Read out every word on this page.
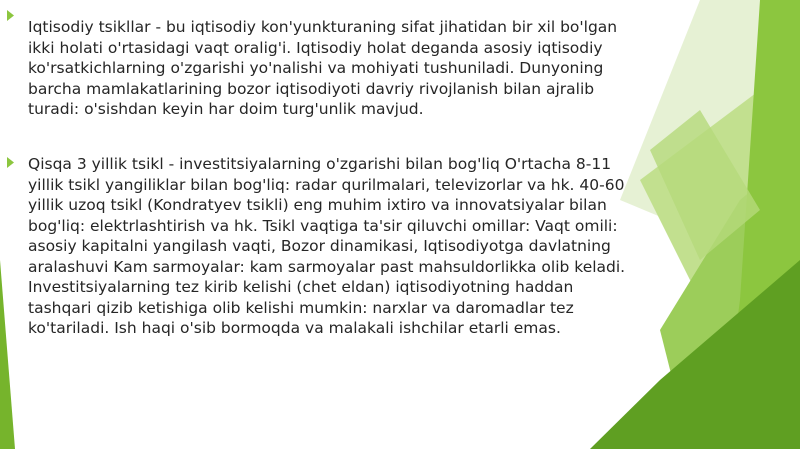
Iqtisodiy tsikllar - bu iqtisodiy kon'yunkturaning sifat jihatidan bir xil bo'lgan
ikki holati o'rtasidagi vaqt oralig'i. Iqtisodiy holat deganda asosiy iqtisodiy
ko'rsatkichlarning o'zgarishi yo'nalishi va mohiyati tushuniladi. Dunyoning
barcha mamlakatlarining bozor iqtisodiyoti davriy rivojlanish bilan ajralib
turadi: o'sishdan keyin har doim turg'unlik mavjud.

Qisqa 3 yillik tsikl - investitsiyalarning o'zgarishi bilan bog'liq O'rtacha 8-11
yillik tsikl yangiliklar bilan bog'liq: radar qurilmalari, televizorlar va hk. 40-60
yillik uzoq tsikl (Kondratyev tsikli) eng muhim ixtiro va innovatsiyalar bilan
bog'liq: elektrlashtirish va hk. Tsikl vaqtiga ta'sir qiluvchi omillar: Vaqt omili:
asosiy kapitalni yangilash vaqti, Bozor dinamikasi, Iqtisodiyotga davlatning
aralashuvi Kam sarmoyalar: kam sarmoyalar past mahsuldorlikka olib keladi.
Investitsiyalarning tez kirib kelishi (chet eldan) iqtisodiyotning haddan
tashqari qizib ketishiga olib kelishi mumkin: narxlar va daromadlar tez
ko'tariladi. Ish haqi o'sib bormoqda va malakali ishchilar etarli emas.
